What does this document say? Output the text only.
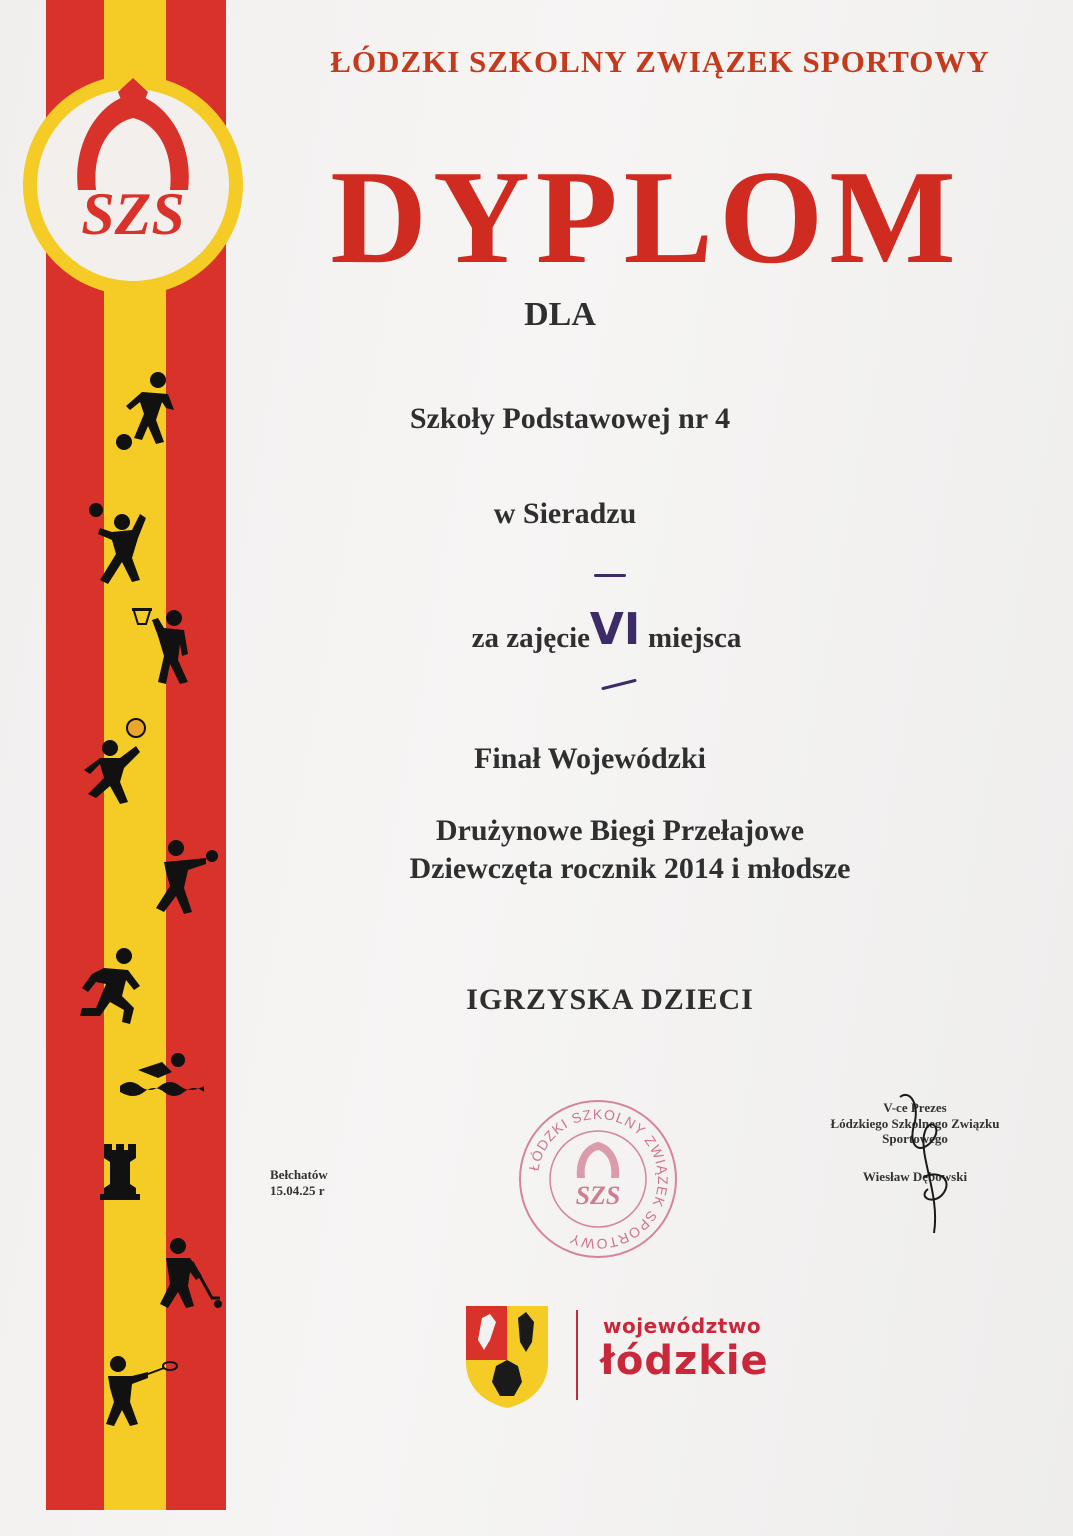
SZS
ŁÓDZKI SZKOLNY ZWIĄZEK SPORTOWY
DYPLOM
DLA
Szkoły Podstawowej nr 4
w Sieradzu
za zajęcie VI miejsca
Finał Wojewódzki
Drużynowe Biegi Przełajowe
Dziewczęta rocznik 2014 i młodsze
IGRZYSKA DZIECI
Bełchatów
15.04.25 r
ŁÓDZKI SZKOLNY ZWIĄZEK SPORTOWY
SZS
V-ce Prezes
Łódzkiego Szkolnego Związku
Sportowego
Wiesław Dębowski
województwo
łódzkie
